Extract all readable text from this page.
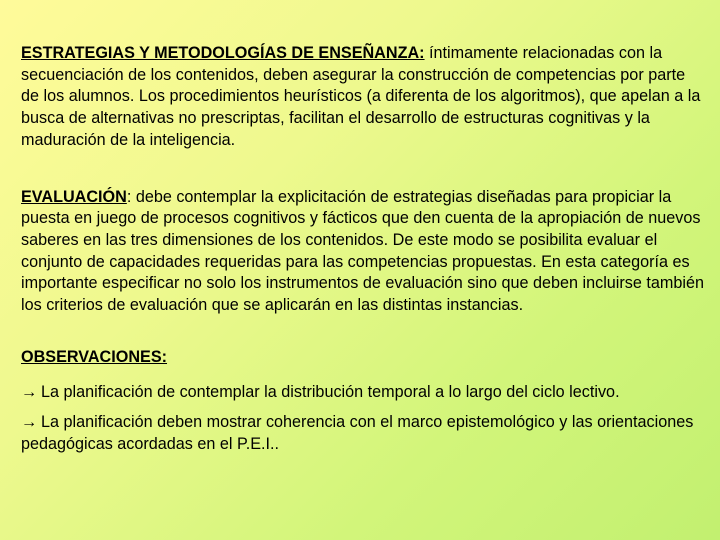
ESTRATEGIAS Y METODOLOGÍAS DE ENSEÑANZA: íntimamente relacionadas con la secuenciación de los contenidos, deben asegurar la construcción de competencias por parte de los alumnos. Los procedimientos heurísticos (a diferenta de los algoritmos), que apelan a la busca de alternativas no prescriptas, facilitan el desarrollo de estructuras cognitivas y la maduración de la inteligencia.

EVALUACIÓN: debe contemplar la explicitación de estrategias diseñadas para propiciar la puesta en juego de procesos cognitivos y fácticos que den cuenta de la apropiación de nuevos saberes en las tres dimensiones de los contenidos. De este modo se posibilita evaluar el conjunto de capacidades requeridas para las competencias propuestas. En esta categoría es importante especificar no solo los instrumentos de evaluación sino que deben incluirse también los criterios de evaluación que se aplicarán en las distintas instancias.

OBSERVACIONES:

→ La planificación de contemplar la distribución temporal a lo largo del ciclo lectivo.

→ La planificación deben mostrar coherencia con el marco epistemológico y las orientaciones pedagógicas acordadas en el P.E.I..
